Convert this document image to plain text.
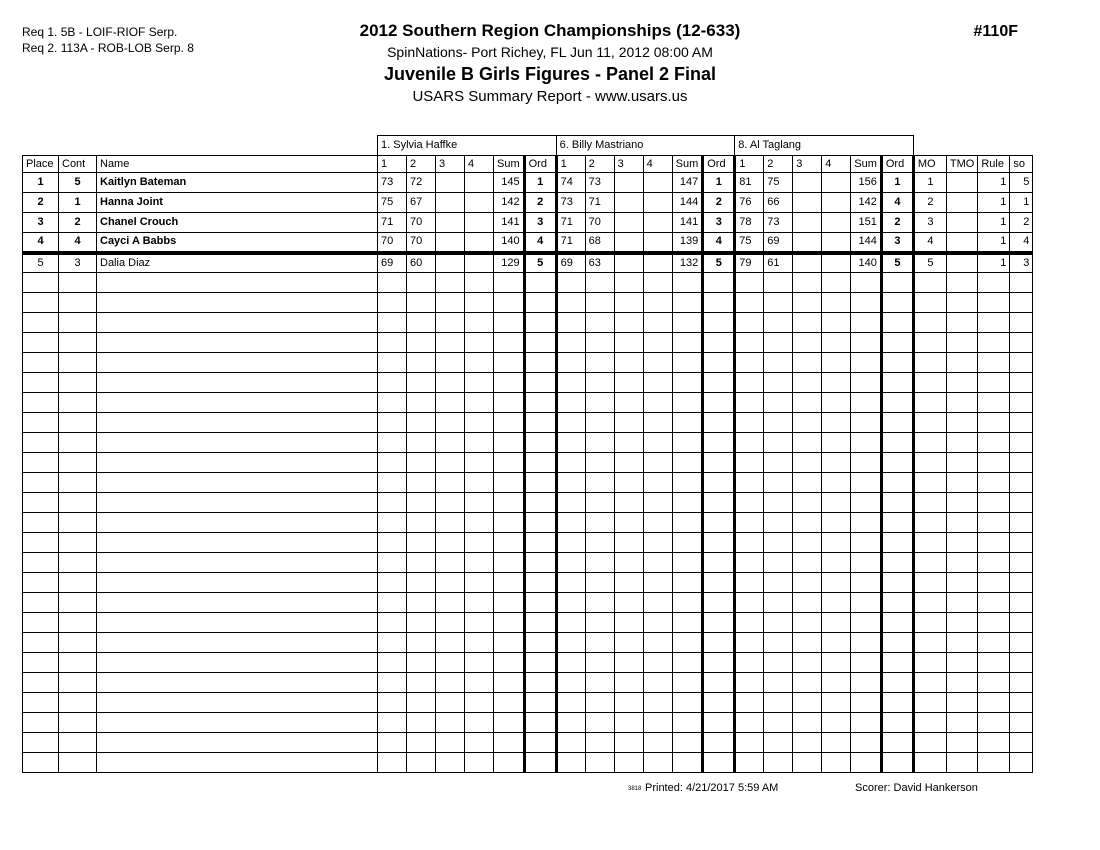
Req 1. 5B - LOIF-RIOF Serp.
Req 2. 113A - ROB-LOB Serp. 8
#110F
2012 Southern Region Championships (12-633)
SpinNations- Port Richey, FL Jun 11, 2012 08:00 AM
Juvenile B Girls Figures - Panel 2 Final
USARS Summary Report - www.usars.us
			1. Sylvia Haffke						6. Billy Mastriano						8. Al Taglang									
Place	Cont	Name	1	2	3	4	Sum	Ord	1	2	3	4	Sum	Ord	1	2	3	4	Sum	Ord	MO	TMO	Rule	so
1	5	Kaitlyn Bateman	73	72			145	1	74	73			147	1	81	75			156	1	1		1	5
2	1	Hanna Joint	75	67			142	2	73	71			144	2	76	66			142	4	2		1	1
3	2	Chanel Crouch	71	70			141	3	71	70			141	3	78	73			151	2	3		1	2
4	4	Cayci A Babbs	70	70			140	4	71	68			139	4	75	69			144	3	4		1	4
5	3	Dalia Diaz	69	60			129	5	69	63			132	5	79	61			140	5	5		1	3

3818 Printed: 4/21/2017 5:59 AM	Scorer: David Hankerson
